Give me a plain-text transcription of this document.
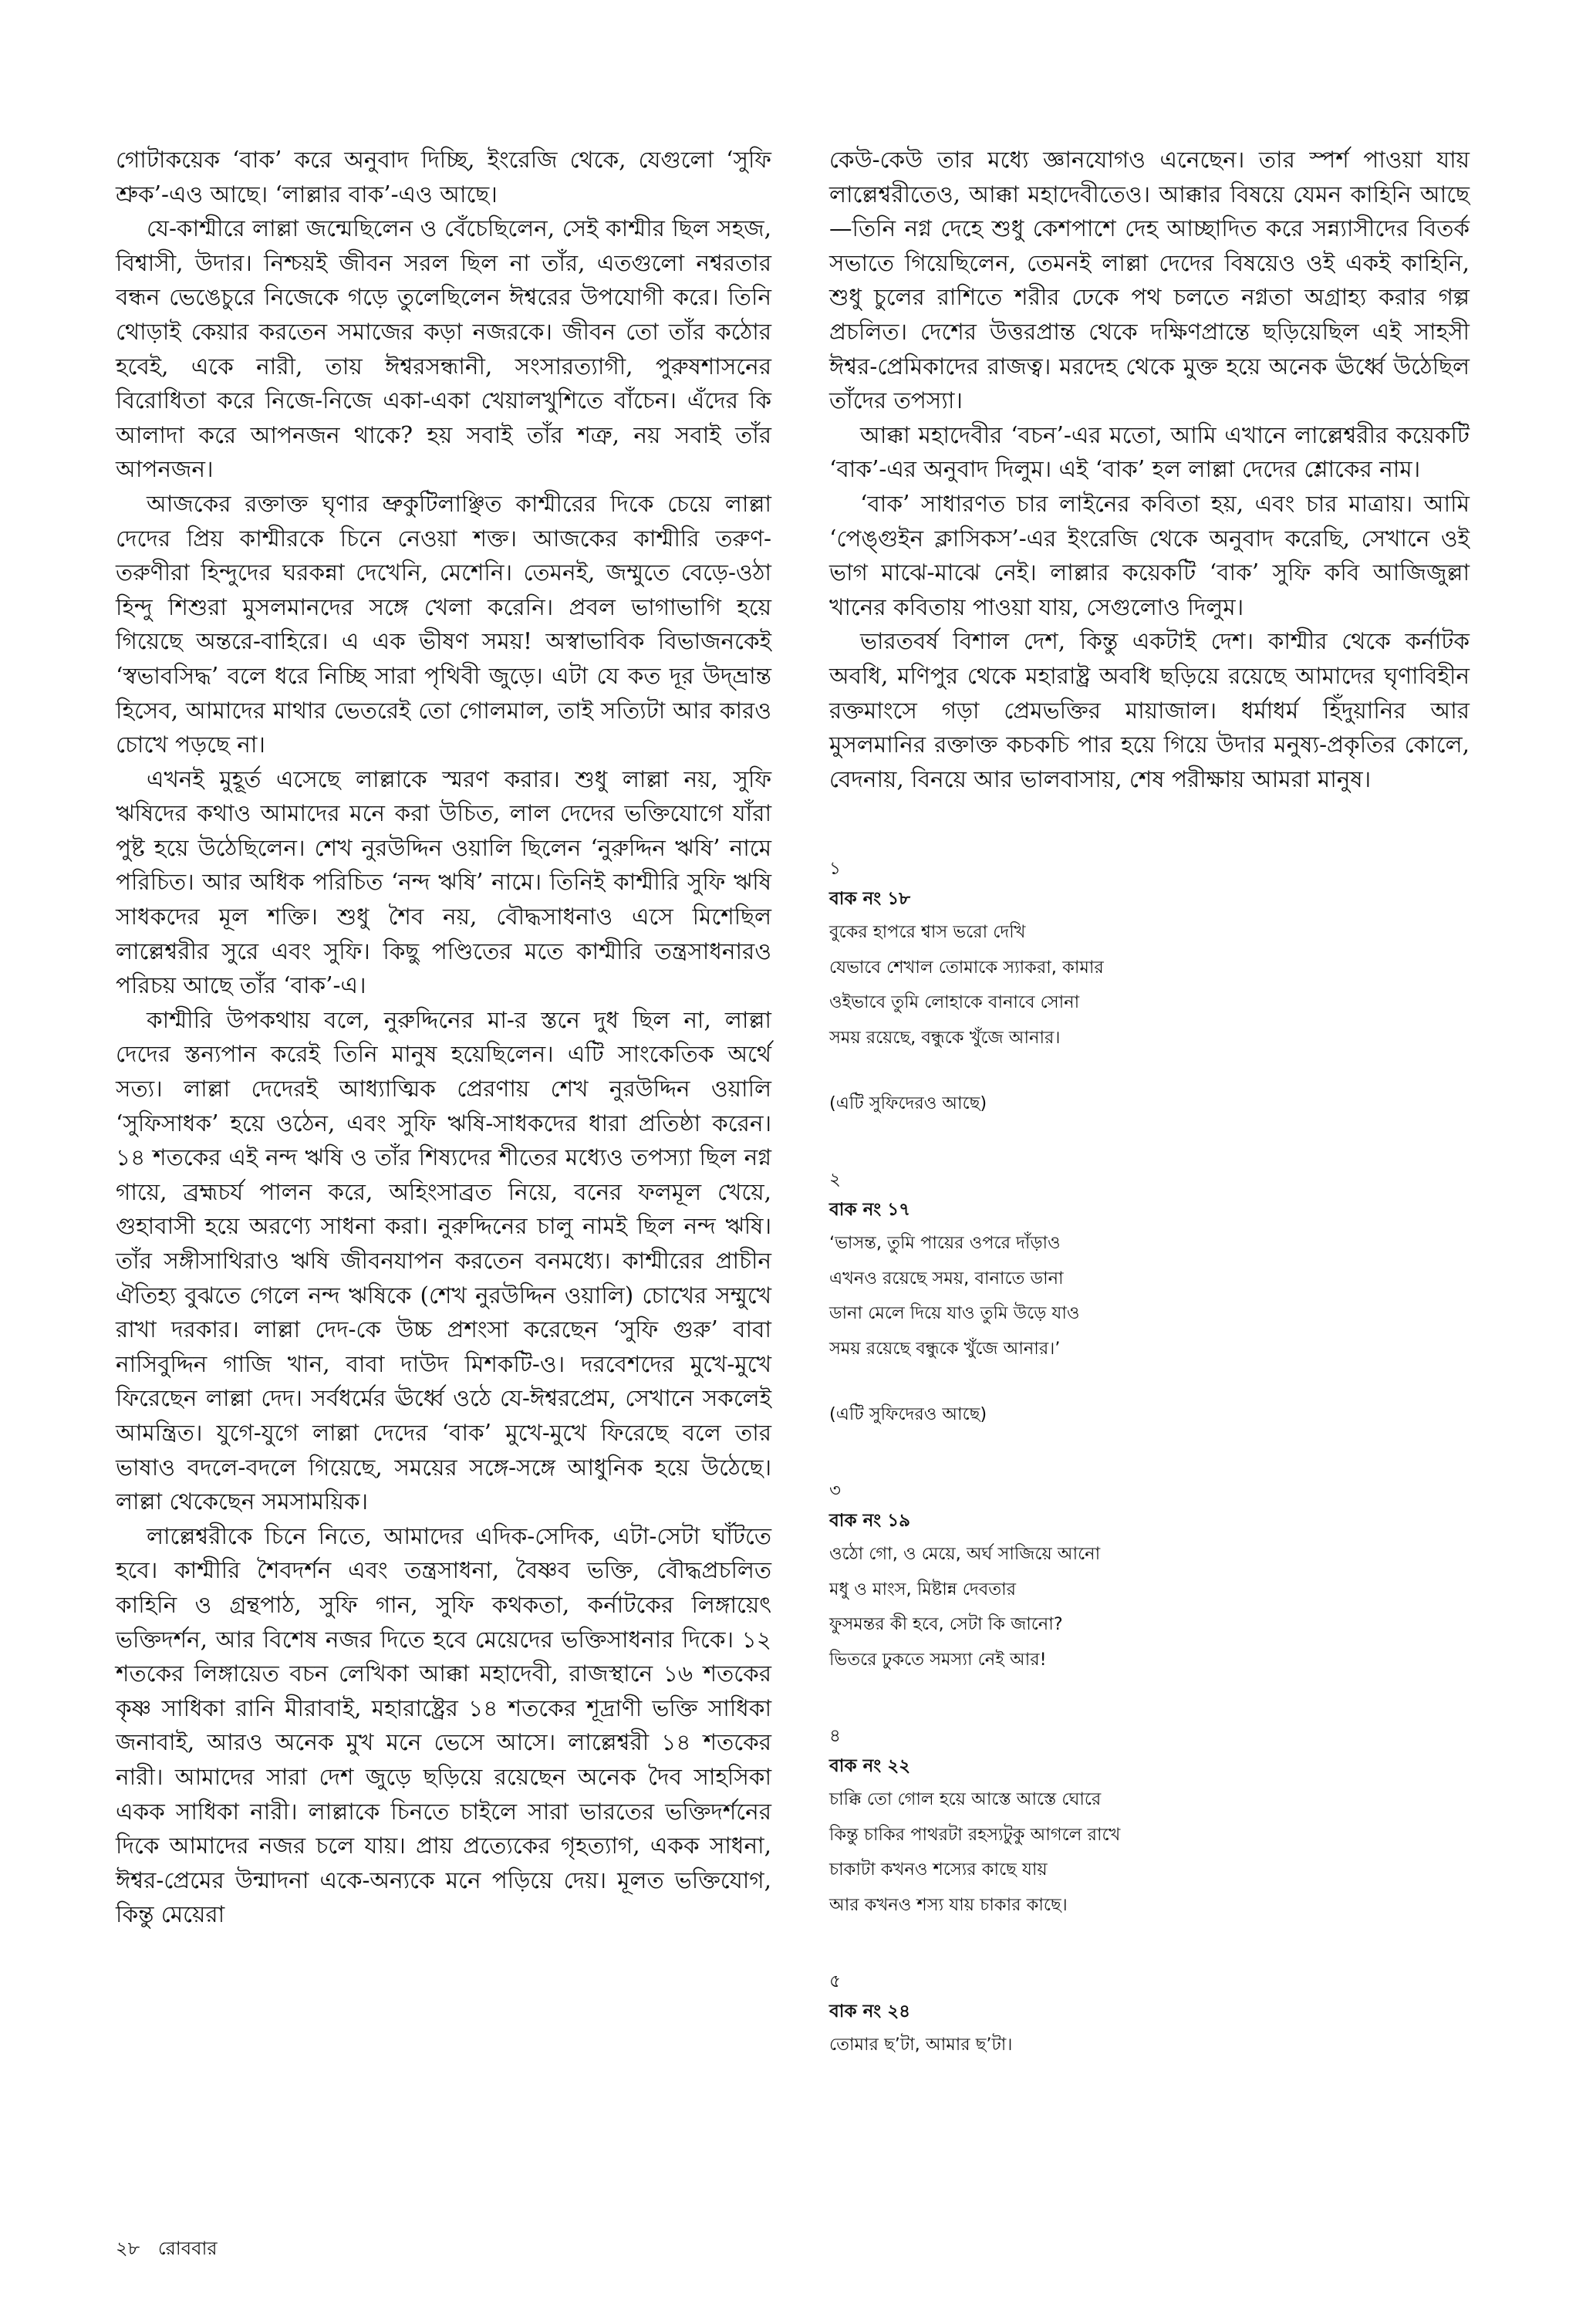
গোটাকয়েক ‘বাক’ করে অনুবাদ দিচ্ছি, ইংরেজি থেকে, যেগুলো ‘সুফি শ্রুক’-এও আছে। ‘লাল্লার বাক’-এও আছে।

যে-কাশ্মীরে লাল্লা জন্মেছিলেন ও বেঁচেছিলেন, সেই কাশ্মীর ছিল সহজ, বিশ্বাসী, উদার। নিশ্চয়ই জীবন সরল ছিল না তাঁর, এতগুলো নশ্বরতার বন্ধন ভেঙেচুরে নিজেকে গড়ে তুলেছিলেন ঈশ্বরের উপযোগী করে। তিনি থোড়াই কেয়ার করতেন সমাজের কড়া নজরকে। জীবন তো তাঁর কঠোর হবেই, একে নারী, তায় ঈশ্বরসন্ধানী, সংসারত্যাগী, পুরুষশাসনের বিরোধিতা করে নিজে-নিজে একা-একা খেয়ালখুশিতে বাঁচেন। এঁদের কি আলাদা করে আপনজন থাকে? হয় সবাই তাঁর শত্রু, নয় সবাই তাঁর আপনজন।

আজকের রক্তাক্ত ঘৃণার ভ্রুকুটিলাঞ্ছিত কাশ্মীরের দিকে চেয়ে লাল্লা দেদের প্রিয় কাশ্মীরকে চিনে নেওয়া শক্ত। আজকের কাশ্মীরি তরুণ-তরুণীরা হিন্দুদের ঘরকন্না দেখেনি, মেশেনি। তেমনই, জম্মুতে বেড়ে-ওঠা হিন্দু শিশুরা মুসলমানদের সঙ্গে খেলা করেনি। প্রবল ভাগাভাগি হয়ে গিয়েছে অন্তরে-বাহিরে। এ এক ভীষণ সময়! অস্বাভাবিক বিভাজনকেই ‘স্বভাবসিদ্ধ’ বলে ধরে নিচ্ছি সারা পৃথিবী জুড়ে। এটা যে কত দূর উদ্‌ভ্রান্ত হিসেব, আমাদের মাথার ভেতরেই তো গোলমাল, তাই সত্যিটা আর কারও চোখে পড়ছে না।

এখনই মুহূর্ত এসেছে লাল্লাকে স্মরণ করার। শুধু লাল্লা নয়, সুফি ঋষিদের কথাও আমাদের মনে করা উচিত, লাল দেদের ভক্তিযোগে যাঁরা পুষ্ট হয়ে উঠেছিলেন। শেখ নুরউদ্দিন ওয়ালি ছিলেন ‘নুরুদ্দিন ঋষি’ নামে পরিচিত। আর অধিক পরিচিত ‘নন্দ ঋষি’ নামে। তিনিই কাশ্মীরি সুফি ঋষি সাধকদের মূল শক্তি। শুধু শৈব নয়, বৌদ্ধসাধনাও এসে মিশেছিল লাল্লেশ্বরীর সুরে এবং সুফি। কিছু পণ্ডিতের মতে কাশ্মীরি তন্ত্রসাধনারও পরিচয় আছে তাঁর ‘বাক’-এ।

কাশ্মীরি উপকথায় বলে, নুরুদ্দিনের মা-র স্তনে দুধ ছিল না, লাল্লা দেদের স্তন্যপান করেই তিনি মানুষ হয়েছিলেন। এটি সাংকেতিক অর্থে সত্য। লাল্লা দেদেরই আধ্যাত্মিক প্রেরণায় শেখ নুরউদ্দিন ওয়ালি ‘সুফিসাধক’ হয়ে ওঠেন, এবং সুফি ঋষি-সাধকদের ধারা প্রতিষ্ঠা করেন। ১৪ শতকের এই নন্দ ঋষি ও তাঁর শিষ্যদের শীতের মধ্যেও তপস্যা ছিল নগ্ন গায়ে, ব্রহ্মচর্য পালন করে, অহিংসাব্রত নিয়ে, বনের ফলমূল খেয়ে, গুহাবাসী হয়ে অরণ্যে সাধনা করা। নুরুদ্দিনের চালু নামই ছিল নন্দ ঋষি। তাঁর সঙ্গীসাথিরাও ঋষি জীবনযাপন করতেন বনমধ্যে। কাশ্মীরের প্রাচীন ঐতিহ্য বুঝতে গেলে নন্দ ঋষিকে (শেখ নুরউদ্দিন ওয়ালি) চোখের সম্মুখে রাখা দরকার। লাল্লা দেদ-কে উচ্চ প্রশংসা করেছেন ‘সুফি গুরু’ বাবা নাসিবুদ্দিন গাজি খান, বাবা দাউদ মিশকটি-ও। দরবেশদের মুখে-মুখে ফিরেছেন লাল্লা দেদ। সর্বধর্মের ঊর্ধ্বে ওঠে যে-ঈশ্বরপ্রেম, সেখানে সকলেই আমন্ত্রিত। যুগে-যুগে লাল্লা দেদের ‘বাক’ মুখে-মুখে ফিরেছে বলে তার ভাষাও বদলে-বদলে গিয়েছে, সময়ের সঙ্গে-সঙ্গে আধুনিক হয়ে উঠেছে। লাল্লা থেকেছেন সমসাময়িক।

লাল্লেশ্বরীকে চিনে নিতে, আমাদের এদিক-সেদিক, এটা-সেটা ঘাঁটতে হবে। কাশ্মীরি শৈবদর্শন এবং তন্ত্রসাধনা, বৈষ্ণব ভক্তি, বৌদ্ধপ্রচলিত কাহিনি ও গ্রন্থপাঠ, সুফি গান, সুফি কথকতা, কর্নাটকের লিঙ্গায়েৎ ভক্তিদর্শন, আর বিশেষ নজর দিতে হবে মেয়েদের ভক্তিসাধনার দিকে। ১২ শতকের লিঙ্গায়েত বচন লেখিকা আক্কা মহাদেবী, রাজস্থানে ১৬ শতকের কৃষ্ণ সাধিকা রানি মীরাবাই, মহারাষ্ট্রের ১৪ শতকের শূদ্রাণী ভক্তি সাধিকা জনাবাই, আরও অনেক মুখ মনে ভেসে আসে। লাল্লেশ্বরী ১৪ শতকের নারী। আমাদের সারা দেশ জুড়ে ছড়িয়ে রয়েছেন অনেক দৈব সাহসিকা একক সাধিকা নারী। লাল্লাকে চিনতে চাইলে সারা ভারতের ভক্তিদর্শনের দিকে আমাদের নজর চলে যায়। প্রায় প্রত্যেকের গৃহত্যাগ, একক সাধনা, ঈশ্বর-প্রেমের উন্মাদনা একে-অন্যকে মনে পড়িয়ে দেয়। মূলত ভক্তিযোগ, কিন্তু মেয়েরা

কেউ-কেউ তার মধ্যে জ্ঞানযোগও এনেছেন। তার স্পর্শ পাওয়া যায় লাল্লেশ্বরীতেও, আক্কা মহাদেবীতেও। আক্কার বিষয়ে যেমন কাহিনি আছে—তিনি নগ্ন দেহে শুধু কেশপাশে দেহ আচ্ছাদিত করে সন্ন্যাসীদের বিতর্ক সভাতে গিয়েছিলেন, তেমনই লাল্লা দেদের বিষয়েও ওই একই কাহিনি, শুধু চুলের রাশিতে শরীর ঢেকে পথ চলতে নগ্নতা অগ্রাহ্য করার গল্প প্রচলিত। দেশের উত্তরপ্রান্ত থেকে দক্ষিণপ্রান্তে ছড়িয়েছিল এই সাহসী ঈশ্বর-প্রেমিকাদের রাজত্ব। মরদেহ থেকে মুক্ত হয়ে অনেক ঊর্ধ্বে উঠেছিল তাঁদের তপস্যা।

আক্কা মহাদেবীর ‘বচন’-এর মতো, আমি এখানে লাল্লেশ্বরীর কয়েকটি ‘বাক’-এর অনুবাদ দিলুম। এই ‘বাক’ হল লাল্লা দেদের শ্লোকের নাম।

‘বাক’ সাধারণত চার লাইনের কবিতা হয়, এবং চার মাত্রায়। আমি ‘পেঙ্গুইন ক্লাসিকস’-এর ইংরেজি থেকে অনুবাদ করেছি, সেখানে ওই ভাগ মাঝে-মাঝে নেই। লাল্লার কয়েকটি ‘বাক’ সুফি কবি আজিজুল্লা খানের কবিতায় পাওয়া যায়, সেগুলোও দিলুম।

ভারতবর্ষ বিশাল দেশ, কিন্তু একটাই দেশ। কাশ্মীর থেকে কর্নাটক অবধি, মণিপুর থেকে মহারাষ্ট্র অবধি ছড়িয়ে রয়েছে আমাদের ঘৃণাবিহীন রক্তমাংসে গড়া প্রেমভক্তির মায়াজাল। ধর্মাধর্ম হিঁদুয়ানির আর মুসলমানির রক্তাক্ত কচকচি পার হয়ে গিয়ে উদার মনুষ্য-প্রকৃতির কোলে, বেদনায়, বিনয়ে আর ভালবাসায়, শেষ পরীক্ষায় আমরা মানুষ।

১

বাক নং ১৮

বুকের হাপরে শ্বাস ভরো দেখি

যেভাবে শেখাল তোমাকে স্যাকরা, কামার

ওইভাবে তুমি লোহাকে বানাবে সোনা

সময় রয়েছে, বন্ধুকে খুঁজে আনার।

(এটি সুফিদেরও আছে)

২

বাক নং ১৭

‘ভাসন্ত, তুমি পায়ের ওপরে দাঁড়াও

এখনও রয়েছে সময়, বানাতে ডানা

ডানা মেলে দিয়ে যাও তুমি উড়ে যাও

সময় রয়েছে বন্ধুকে খুঁজে আনার।’

(এটি সুফিদেরও আছে)

৩

বাক নং ১৯

ওঠো গো, ও মেয়ে, অর্ঘ সাজিয়ে আনো

মধু ও মাংস, মিষ্টান্ন দেবতার

ফুসমন্তর কী হবে, সেটা কি জানো?

ভিতরে ঢুকতে সমস্যা নেই আর!

৪

বাক নং ২২

চাক্কি তো গোল হয়ে আস্তে আস্তে ঘোরে

কিন্তু চাকির পাথরটা রহস্যটুকু আগলে রাখে

চাকাটা কখনও শস্যের কাছে যায়

আর কখনও শস্য যায় চাকার কাছে।

৫

বাক নং ২৪

তোমার ছ’টা, আমার ছ’টা।

২৮ রোববার
